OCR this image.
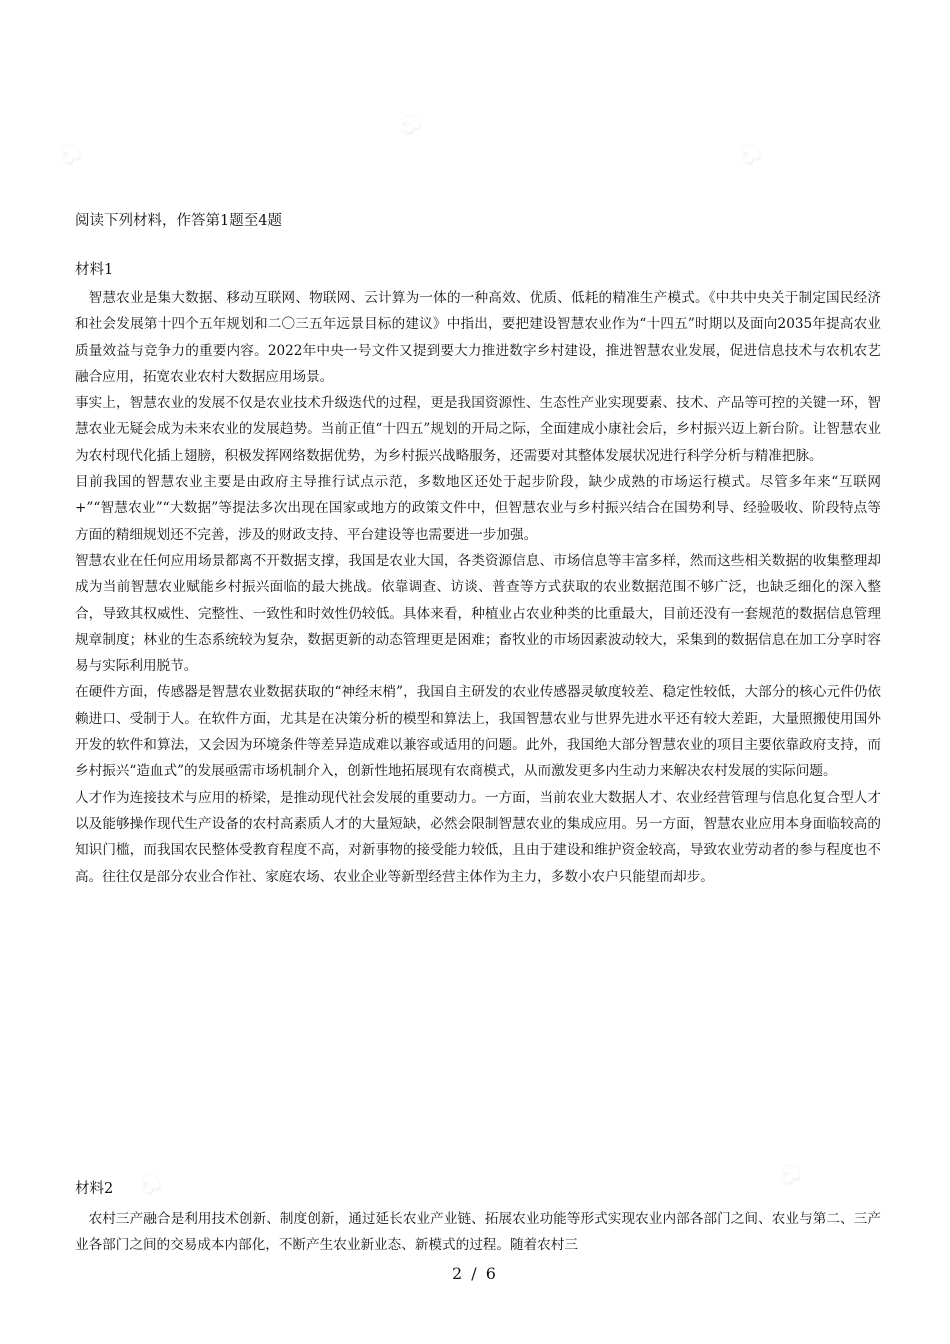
ඬ
ඬ
ඬ
ඬ	ඬ
阅读下列材料，作答第1题至4题
材料1

智慧农业是集大数据、移动互联网、物联网、云计算为一体的一种高效、优质、低耗的精准生产模式。《中共中央关于制定国民经济和社会发展第十四个五年规划和二〇三五年远景目标的建议》中指出，要把建设智慧农业作为“十四五”时期以及面向2035年提高农业质量效益与竞争力的重要内容。2022年中央一号文件又提到要大力推进数字乡村建设，推进智慧农业发展，促进信息技术与农机农艺融合应用，拓宽农业农村大数据应用场景。

事实上，智慧农业的发展不仅是农业技术升级迭代的过程，更是我国资源性、生态性产业实现要素、技术、产品等可控的关键一环，智慧农业无疑会成为未来农业的发展趋势。当前正值“十四五”规划的开局之际，全面建成小康社会后，乡村振兴迈上新台阶。让智慧农业为农村现代化插上翅膀，积极发挥网络数据优势，为乡村振兴战略服务，还需要对其整体发展状况进行科学分析与精准把脉。

目前我国的智慧农业主要是由政府主导推行试点示范，多数地区还处于起步阶段，缺少成熟的市场运行模式。尽管多年来“互联网+”“智慧农业”“大数据”等提法多次出现在国家或地方的政策文件中，但智慧农业与乡村振兴结合在国势利导、经验吸收、阶段特点等方面的精细规划还不完善，涉及的财政支持、平台建设等也需要进一步加强。

智慧农业在任何应用场景都离不开数据支撑，我国是农业大国，各类资源信息、市场信息等丰富多样，然而这些相关数据的收集整理却成为当前智慧农业赋能乡村振兴面临的最大挑战。依靠调查、访谈、普查等方式获取的农业数据范围不够广泛，也缺乏细化的深入整合，导致其权威性、完整性、一致性和时效性仍较低。具体来看，种植业占农业种类的比重最大，目前还没有一套规范的数据信息管理规章制度；林业的生态系统较为复杂，数据更新的动态管理更是困难；畜牧业的市场因素波动较大，采集到的数据信息在加工分享时容易与实际利用脱节。

在硬件方面，传感器是智慧农业数据获取的“神经末梢”，我国自主研发的农业传感器灵敏度较差、稳定性较低，大部分的核心元件仍依赖进口、受制于人。在软件方面，尤其是在决策分析的模型和算法上，我国智慧农业与世界先进水平还有较大差距，大量照搬使用国外开发的软件和算法，又会因为环境条件等差异造成难以兼容或适用的问题。此外，我国绝大部分智慧农业的项目主要依靠政府支持，而乡村振兴“造血式”的发展亟需市场机制介入，创新性地拓展现有农商模式，从而激发更多内生动力来解决农村发展的实际问题。

人才作为连接技术与应用的桥梁，是推动现代社会发展的重要动力。一方面，当前农业大数据人才、农业经营管理与信息化复合型人才以及能够操作现代生产设备的农村高素质人才的大量短缺，必然会限制智慧农业的集成应用。另一方面，智慧农业应用本身面临较高的知识门槛，而我国农民整体受教育程度不高，对新事物的接受能力较低，且由于建设和维护资金较高，导致农业劳动者的参与程度也不高。往往仅是部分农业合作社、家庭农场、农业企业等新型经营主体作为主力，多数小农户只能望而却步。

材料2

农村三产融合是利用技术创新、制度创新，通过延长农业产业链、拓展农业功能等形式实现农业内部各部门之间、农业与第二、三产业各部门之间的交易成本内部化，不断产生农业新业态、新模式的过程。随着农村三

2 / 6
